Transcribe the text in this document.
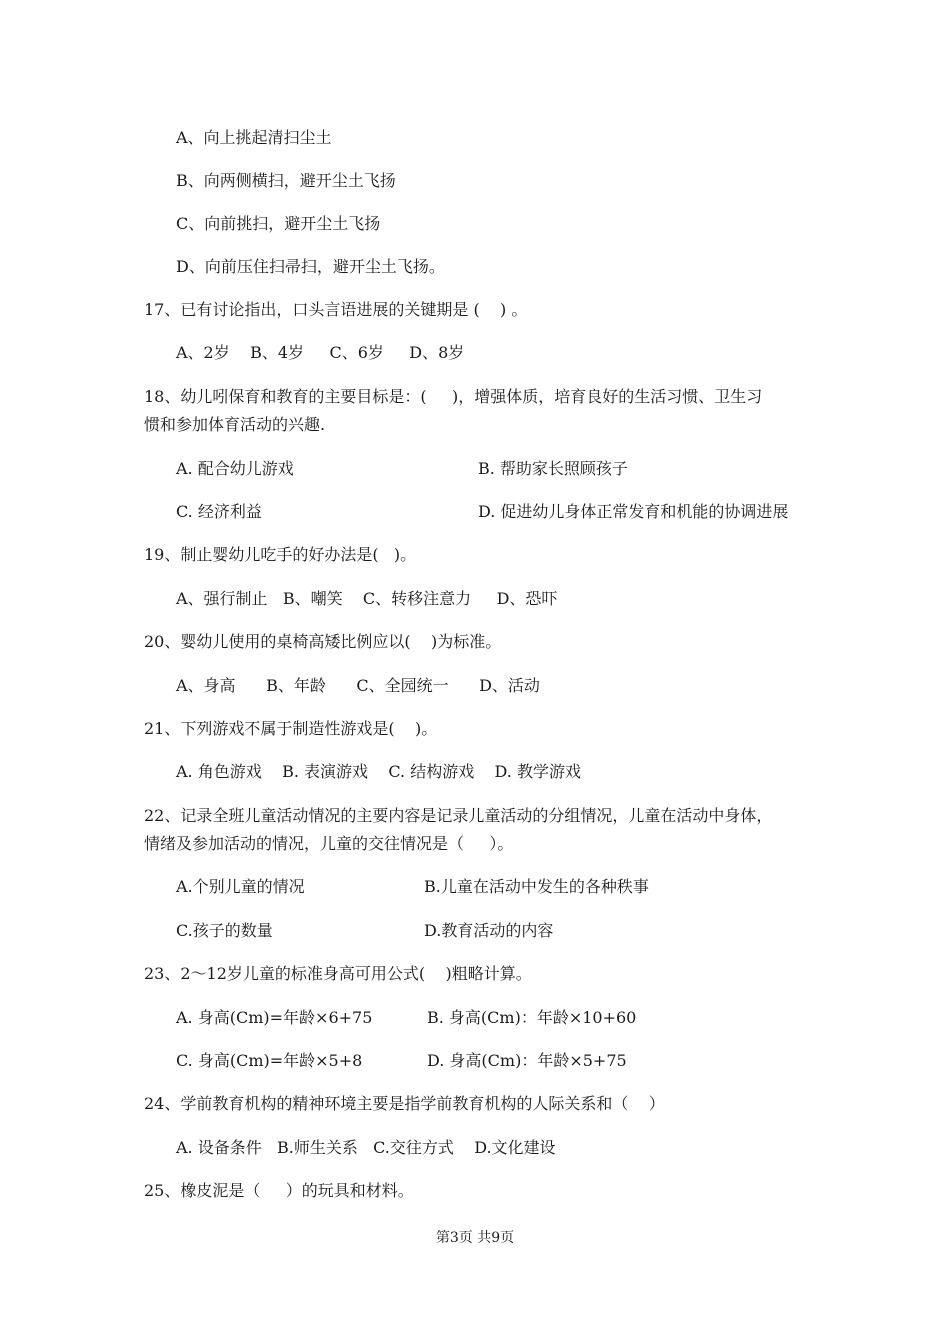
A、向上挑起清扫尘土
B、向两侧横扫，避开尘土飞扬
C、向前挑扫，避开尘土飞扬
D、向前压住扫帚扫，避开尘土飞扬。
17、已有讨论指出，口头言语进展的关键期是 (    ) 。
A、2岁    B、4岁     C、6岁     D、8岁
18、幼儿吲保育和教育的主要目标是：(     )，增强体质，培育良好的生活习惯、卫生习
惯和参加体育活动的兴趣.
A. 配合幼儿游戏	B. 帮助家长照顾孩子
C. 经济利益	D. 促进幼儿身体正常发育和机能的协调进展
19、制止婴幼儿吃手的好办法是(   )。
A、强行制止   B、嘲笑    C、转移注意力     D、恐吓
20、婴幼儿使用的桌椅高矮比例应以(    )为标准。
A、身高      B、年龄      C、全园统一      D、活动
21、下列游戏不属于制造性游戏是(    )。
A. 角色游戏    B. 表演游戏    C. 结构游戏    D. 教学游戏
22、记录全班儿童活动情况的主要内容是记录儿童活动的分组情况，儿童在活动中身体，
情绪及参加活动的情况，儿童的交往情况是（     ）。
A.个别儿童的情况	B.儿童在活动中发生的各种秩事
C.孩子的数量	D.教育活动的内容
23、2～12岁儿童的标准身高可用公式(    )粗略计算。
A. 身高(Cm)=年龄×6+75	B. 身高(Cm)：年龄×10+60
C. 身高(Cm)=年龄×5+8	D. 身高(Cm)：年龄×5+75
24、学前教育机构的精神环境主要是指学前教育机构的人际关系和（    ）
A. 设备条件   B.师生关系   C.交往方式    D.文化建设
25、橡皮泥是（     ）的玩具和材料。
第3页 共9页
